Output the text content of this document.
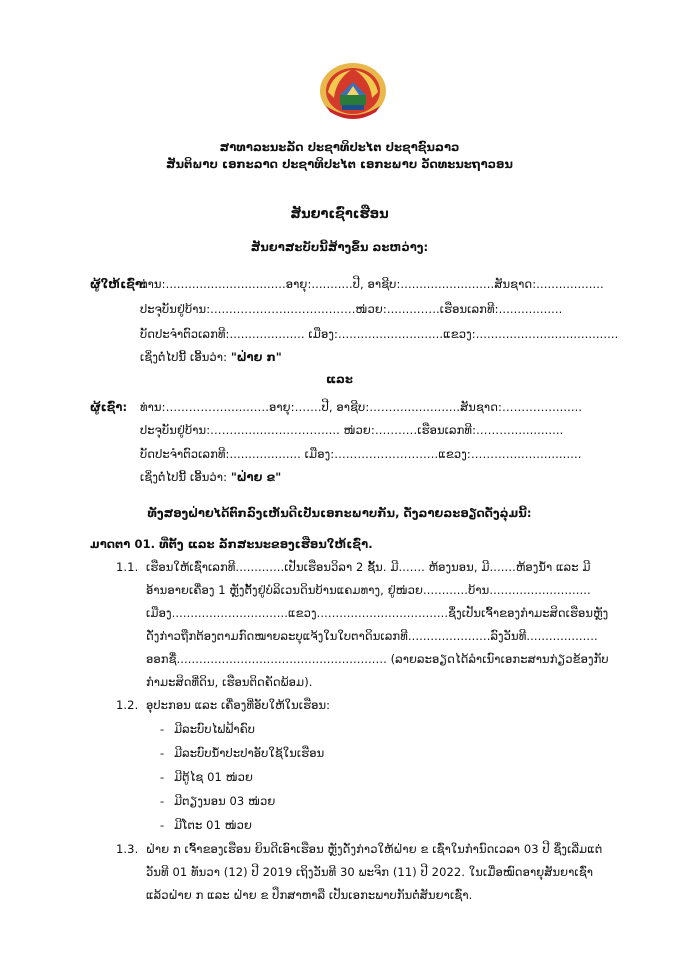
ສາທາລະນະລັດ ປະຊາທິປະໄຕ ປະຊາຊົນລາວ
ສັນຕິພາບ ເອກະລາດ ປະຊາທິປະໄຕ ເອກະພາບ ວັດທະນະຖາວອນ
ສັນຍາເຊົ່າເຮືອນ
ສັນຍາສະບັບນີ້ສ້າງຂຶ້ນ ລະຫວ່າງ:
ຜູ້ໃຫ້ເຊົ່າ:
ທ່ານ:................................ອາຍຸ:...........ປີ, ອາຊີບ:.........................ສັນຊາດ:..................
ປະຈຸບັນຢູ່ບ້ານ:.......…………...……...….…ໜ່ວຍ:.........…..ເຮືອນເລກທີ:.................
ບັດປະຈຳຕົວເລກທີ:.................... ເມືອງ:............................ແຂວງ:......................................
ເຊິ່ງຕໍ່ໄປນີ້ ເອີ້ນວ່າ: "ຝ່າຍ ກ"
ແລະ
ຜູ້ເຊົ່າ: ທ່ານ:……………........….ອາຍຸ:…….ປີ, ອາຊີບ:……..................ສັນຊາດ:………….........
ປະຈຸບັນຢູ່ບ້ານ:……...........…………..... ໜ່ວຍ:…….….ເຮືອນເລກທີ:………..............
ບັດປະຈຳຕົວເລກທີ:................... ເມືອງ:……….……………..ແຂວງ:…………...…...........
ເຊິ່ງຕໍ່ໄປນີ້ ເອີ້ນວ່າ: "ຝ່າຍ ຂ"
ທັງສອງຝ່າຍໄດ້ຕົກລົງເຫັນດີເປັນເອກະພາບກັນ, ດັ່ງລາຍລະອຽດດັ່ງລຸ່ມນີ້:
ມາດຕາ 01. ທີ່ຕັ້ງ ແລະ ລັກສະນະຂອງເຮືອນໃຫ້ເຊົ່າ.
1.1. ເຮືອນໃຫ້ເຊົ່າເລກທີ.............ເປັນເຮືອນວິລາ 2 ຊັ້ນ. ມີ....... ຫ້ອງນອນ, ມີ.......ຫ້ອງນ້ຳ ແລະ ມີ
ອ້ານອາຍເຄື່ອງ 1 ຫຼັງຕັ້ງຢູ່ບໍລິເວນດິນບ້ານແຄມທາງ, ຢູ່ໜ່ວຍ............ບ້ານ...........................
ເມືອງ...............................ແຂວງ...................................ຊຶ່ງເປັນເຈົ້າຂອງກຳມະສິດເຮືອນຫຼັງ
ດັ່ງກ່າວຖືກຕ້ອງຕາມກົດໝາຍລະບຸແຈ້ງໃນໃບຕາດິນເລກທີ......................ລົງວັນທີ...................
ອອກຊື່........................................................ (ລາຍລະອຽດໄດ້ລຳເນົາເອກະສານກ່ຽວຂ້ອງກັບ
ກຳມະສິດທີ່ດິນ, ເຮືອນຕິດຄັດພ້ອມ).
1.2. ອຸປະກອນ ແລະ ເຄື່ອງທີ່ອັບໃຫ້ໃນເຮືອນ:
- ມີລະບົບໄຟຟ້າຄົບ
- ມີລະບົບນ້ຳປະປາອັບໃຊ້ໃນເຮືອນ
- ມີຕູ້ໄຊ 01 ໜ່ວຍ
- ມີຕຽງນອນ 03 ໜ່ວຍ
- ມີໂຕະ 01 ໜ່ວຍ
1.3. ຝ່າຍ ກ ເຈົ້າຂອງເຮືອນ ຍິນດີເອົາເຮືອນ ຫຼັງດັ່ງກ່າວໃຫ້ຝ່າຍ ຂ ເຊົ່າໃນກຳນົດເວລາ 03 ປີ ຊຶ່ງເລີ່ມແຕ່
ວັນທີ 01 ທັນວາ (12) ປີ 2019 ເຖິງວັນທີ 30 ພະຈິກ (11) ປີ 2022. ໃນເມື່ອໝົດອາຍຸສັນຍາເຊົ່າ
ແລ້ວຝ່າຍ ກ ແລະ ຝ່າຍ ຂ ປຶກສາຫາລື ເປັນເອກະພາບກັນຕໍ່ສັນຍາເຊົ່າ.
